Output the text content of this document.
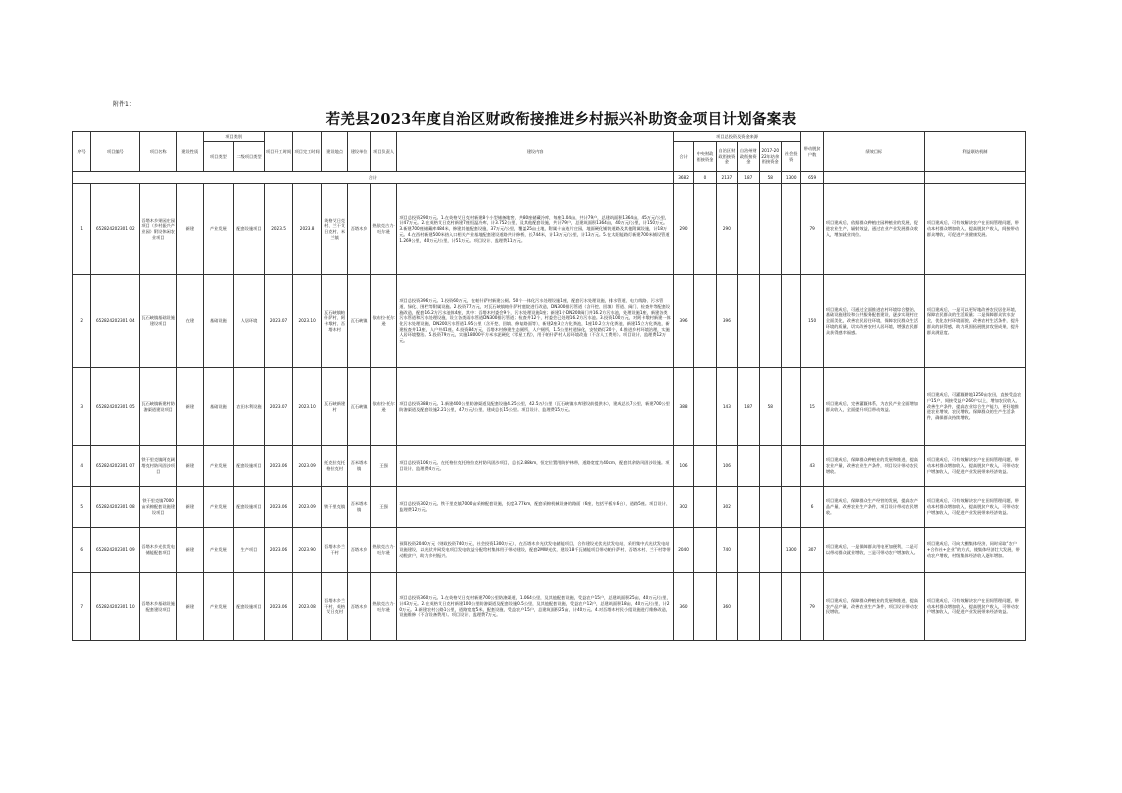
附件1：
若羌县2023年度自治区财政衔接推进乡村振兴补助资金项目计划备案表
序号	项目编号	项目名称	建设性质	项目类别		项目开工时间	项目完工时间	建设地点	建设单位	项目负责人	建设内容	项目总投资及资金来源						带动脱贫户数	绩效目标	利益联结机制
				项目类型	二级项目类型							合计	中央财政衔接资金	自治区财政衔接资金	自治州财政衔接资金	2017-2022年结余衔接资金	社会投资			

合计												3682	0	2137	187	58	1300	659		
1	652824202301 02	吾塔木乡果园庄园项目（乡村振兴产业园）附设休闲农业项目	新建	产业发展	配套设施项目	2023.5	2023.8	英格艾日克村、兰干艾日克村、米兰镇	吾塔木乡	热依克古力·吐尔逊	项目总投资290万元。1.在英格艾日克村新建8个小型储备地窖，共80座储藏冷库，每座1.04亩，共计79户，总建筑面积1364亩，45万元/公里，计47万元。2.在英格艾日克村新建7座恒温冷库，计3.752公里，及其他配套设施，共计79户，总建筑面积1364亩，40万元/公里，计150万元。3.新建700座储藏库484米，修建其他配套设施，37万元/公里，覆盖25亩土地，附属十亩连片庄园，地面硬化铺装道路及其他附属设施，计18万元。4.在西村新建500米热入口相关产业基地配套建设道路共计修桥，长744米，计13万元/公里，计13万元。5.在太阳能路灯新建700米铺设管道1.269公里，40万元/公里，计51万元。项目设计、监理费11万元。	290		290				79	项目建成后，依据群众种植庄园种植业的发展，促进农业生产，辐射效益，通过农业产业发展群众收入，增加就业岗位。	项目建成后，可有效解决农户在田间管理问题，带动本村群众增加收入，提高脱贫户收入，间接带动群众增收，可促进产业健康发展。
2	652824202301 04	瓦石峡镇基础设施建设项目	在建	基础设施	人居环境	2023.07	2023.10	瓦石峡镇帕什萨村、阿卡墩村、吾塔木村	瓦石峡镇	依布拉·托尔逊	项目总投资396万元。1.投资60万元，在帕什萨村新建公厕。50个一体化污水处理设施1座，配套污水处理设施，排水管道、电力线路、污水管道、绿化、围栏等附属设施。2.投资77万元，对瓦石峡镇帕什萨村庭院进行改造，DN300排污管道（含开挖、回填）管道、阀门、检查井等配套设施改造，配套16.2方污水池体4座，其中：吾塔木村委会9个，污水处理设施1座；新建1个DN200阀门井16.2方污水池，处理设施1座，新建各类污水管道和污水处理设施，设立各类雨水管道DN300排污管道；检查井12个，村委会已处理16.2方污水池。3.投资100万元，对阿卡墩村新建一体化污水处理设施，DN200污水管道1.95公里（含开挖、回填、修复路面等），新建2座3立方化粪池，1座10.2立方化粪池，新建15立方化粪池，新建检查井13座，人户井41座。4.投资84万元，吾塔木村修建生态厕所，人户厕所，1.5公里村道绿化，安装路灯20个，4.推进乡村环境治理，实施人居环境整治。5.投资79万元，实施18000平方米水泥硬化（零星工程），用于帕什萨村人居环境改造（不含人工费用）。项目设计、监理费12万元。	396		396				150	项目建成后，可通过全面推进农村环境综合整治，基础设施建设和公共服务配套建设，逐步实现村庄全面美化，改善农民居住环境，保障农民群众生活环境的质量，切实改善农村人居环境，增强农民群众获得感幸福感。	项目建成后，一是可以更好地改善农民居住环境，保障农民群众的生活质量；二是保障群众饮水安全，优化农村环境面貌，改善农村生活条件，提升群众的获得感，助力巩固拓展脱贫攻坚成果，提升群众满意度。
3	652824202301 05	瓦石峡镇新建村防渗渠道建设项目	新建	基础设施	农田水利设施	2023.07	2023.10	瓦石峡新建村	瓦石峡镇	依布拉·托尔逊	项目总投资388万元。1.新建400公里防渗渠道及配套设施4.25公里，42.5万/公里（瓦石峡镇水库建设前提供水），建成总长7公里，新建700公里防渗渠道及配套设施2.21公里，47万元/公里，建成总长15公里。项目设计、监理费15万元。	388		143	187	58		15	项目建成后，完善灌溉体系，为农民产业全面增加群众收入，全面提升项目带动效益。	项目建成后，可灌溉耕地1250亩农田，直接受益农户15户，间接受益户260户以上，增加农民收入，改善生产条件，提高农业综合生产能力，更好地推进农业增效、农民增收。保障群众的生产生活条件，确保群众持续增收。
4	652824202301 07	铁干里克镇阿克阔塔克村防风固沙项目	新建	产业发展	配套设施项目	2023.06	2023.09	托克拉克托格拉克村	吾米塔木镇	王强	项目总投资106万元。在托格拉克托格拉克村防风固沙项目，总长2.88km，恒定位置用防护林带，道路宽度为40cm，配套其余防风固沙设施。项目设计、监理费4万元。	106		106				43	项目建成后，保障群众种植业的发展和推进，提高农业产量，改善农业生产条件，项目设计带动农民增收。	项目建成后，可有效解决农户在田间管理问题，带动本村群众增加收入，提高脱贫户收入，可带动农户增加收入，可促进产业发展带来经济效益。
5	652824202301 08	铁干里克镇7000亩采棉配套设施建设项目	新建	产业发展	配套设施项目	2023.06	2023.09	铁干里克镇	吾米塔木镇	王强	项目总投资302万元。铁干里克镇7000亩采棉配套设施，长度3.77km，配套采棉机械设备的路面（6座，包括平板车6台），道路5座。项目设计、监理费12万元。	302		302				6	项目建成后，保障群众生产经营的发展，提高农产品产量，改善农业生产条件，项目设计带动农民增收。	项目建成后，可有效解决农户在田间管理问题，带动本村群众增加收入，提高脱贫户收入，可带动农户增加收入，可促进产业发展带来经济效益。
6	652824202301 09	吾塔木乡光伏发电储能配套项目	新建	产业发展	生产项目	2023.06	2023.90	吾塔木乡兰干村	吾塔木乡	热依克古力·吐尔逊	预算投资2040万元（财政投资740万元，社会投资1300万元），在吾塔木乡光伏发电储能项目，合作建设光伏光伏发电站，采用集中式光伏发电站设施建设，以光伏并网发电项目发电收益分配给村集体用于带动建设，配套2MW光伏，建设18千瓦储能项目带动帕什萨村、吾塔木村、兰干村等带动脱贫户，助力乡村振兴。	2040		740			1300	307	项目建成后，一是保障群众用电更加便利，二是可以带动群众就业增收，三是可带动农户增加收入。	项目建成后，可向大棚集体经济，同时采取“农户+合作社+企业”的方式，使集体经济壮大发展，带动农户增收，村级集体经济收入逐年增加。
7	652824202301 10	吾塔木乡基础设施配套建设项目	新建	产业发展	配套设施项目	2023.06	2023.08	吾塔木乡兰干村、英格艾日克村	吾塔木乡	热依克古力·吐尔逊	项目总投资360万元。1.在英格艾日克村新建700公里防渗渠道，1.064公里，及其他配套设施，受益农户15户，总建筑面积25亩，40万元/公里，计43万元。2.在英格艾日克村新建100公里防渗渠道及配套设施0.5公里，及其他配套设施，受益农户12户，总建筑面积18亩，40万元/公里，计20万元。3.新建农村公路1公里，道路宽度5米，配套设施，受益农户15户，总建筑面积25亩，计40万元。4.对吾塔木村民小组设施进行维修改造，设施维修（不含设备费用）。项目设计、监理费7万元。	360		360				79	项目建成后，保障群众种植业的发展和推进，提高农产品产量，改善农业生产条件，项目设计带动农民增收。	项目建成后，可有效解决农户在田间管理问题，带动本村群众增加收入，提高脱贫户收入，可带动农户增加收入，可促进产业发展带来经济效益。
